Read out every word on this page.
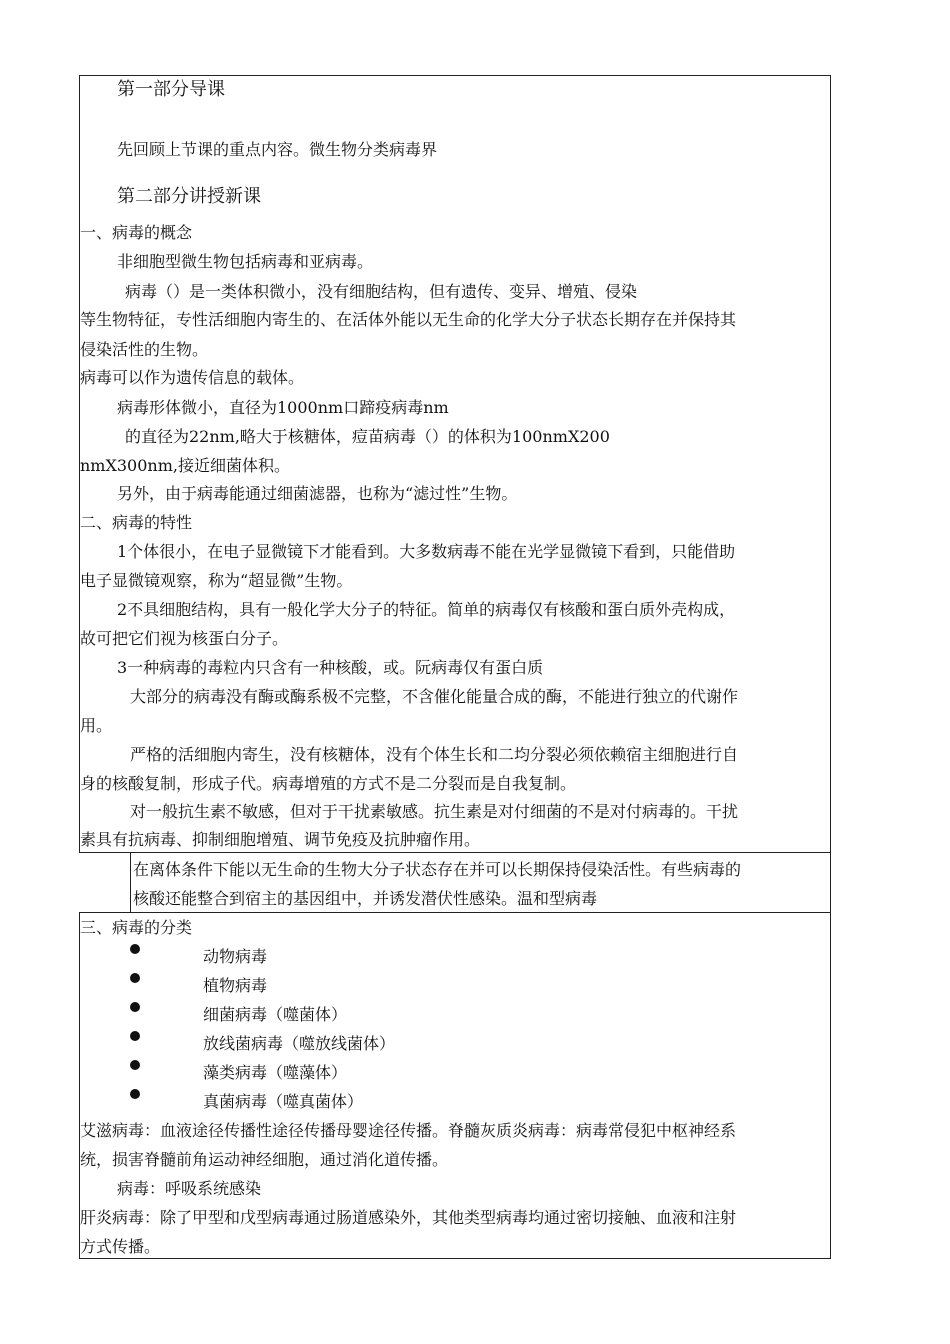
第一部分导课
先回顾上节课的重点内容。微生物分类病毒界
第二部分讲授新课
一、病毒的概念
非细胞型微生物包括病毒和亚病毒。
病毒（）是一类体积微小，没有细胞结构，但有遗传、变异、增殖、侵染
等生物特征，专性活细胞内寄生的、在活体外能以无生命的化学大分子状态长期存在并保持其
侵染活性的生物。
病毒可以作为遗传信息的载体。
病毒形体微小，直径为1000nm口蹄疫病毒nm
的直径为22nm,略大于核糖体，痘苗病毒（）的体积为100nmX200
nmX300nm,接近细菌体积。
另外，由于病毒能通过细菌滤器，也称为“滤过性”生物。
二、病毒的特性
1个体很小，在电子显微镜下才能看到。大多数病毒不能在光学显微镜下看到，只能借助
电子显微镜观察，称为“超显微”生物。
2不具细胞结构，具有一般化学大分子的特征。简单的病毒仅有核酸和蛋白质外壳构成，
故可把它们视为核蛋白分子。
3一种病毒的毒粒内只含有一种核酸，或。阮病毒仅有蛋白质
大部分的病毒没有酶或酶系极不完整，不含催化能量合成的酶，不能进行独立的代谢作
用。
严格的活细胞内寄生，没有核糖体，没有个体生长和二均分裂必须依赖宿主细胞进行自
身的核酸复制，形成子代。病毒增殖的方式不是二分裂而是自我复制。
对一般抗生素不敏感，但对于干扰素敏感。抗生素是对付细菌的不是对付病毒的。干扰
素具有抗病毒、抑制细胞增殖、调节免疫及抗肿瘤作用。
在离体条件下能以无生命的生物大分子状态存在并可以长期保持侵染活性。有些病毒的
核酸还能整合到宿主的基因组中，并诱发潜伏性感染。温和型病毒
三、病毒的分类
动物病毒
植物病毒
细菌病毒（噬菌体）
放线菌病毒（噬放线菌体）
藻类病毒（噬藻体）
真菌病毒（噬真菌体）
艾滋病毒：血液途径传播性途径传播母婴途径传播。脊髓灰质炎病毒：病毒常侵犯中枢神经系
统，损害脊髓前角运动神经细胞，通过消化道传播。
病毒：呼吸系统感染
肝炎病毒：除了甲型和戊型病毒通过肠道感染外，其他类型病毒均通过密切接触、血液和注射
方式传播。
